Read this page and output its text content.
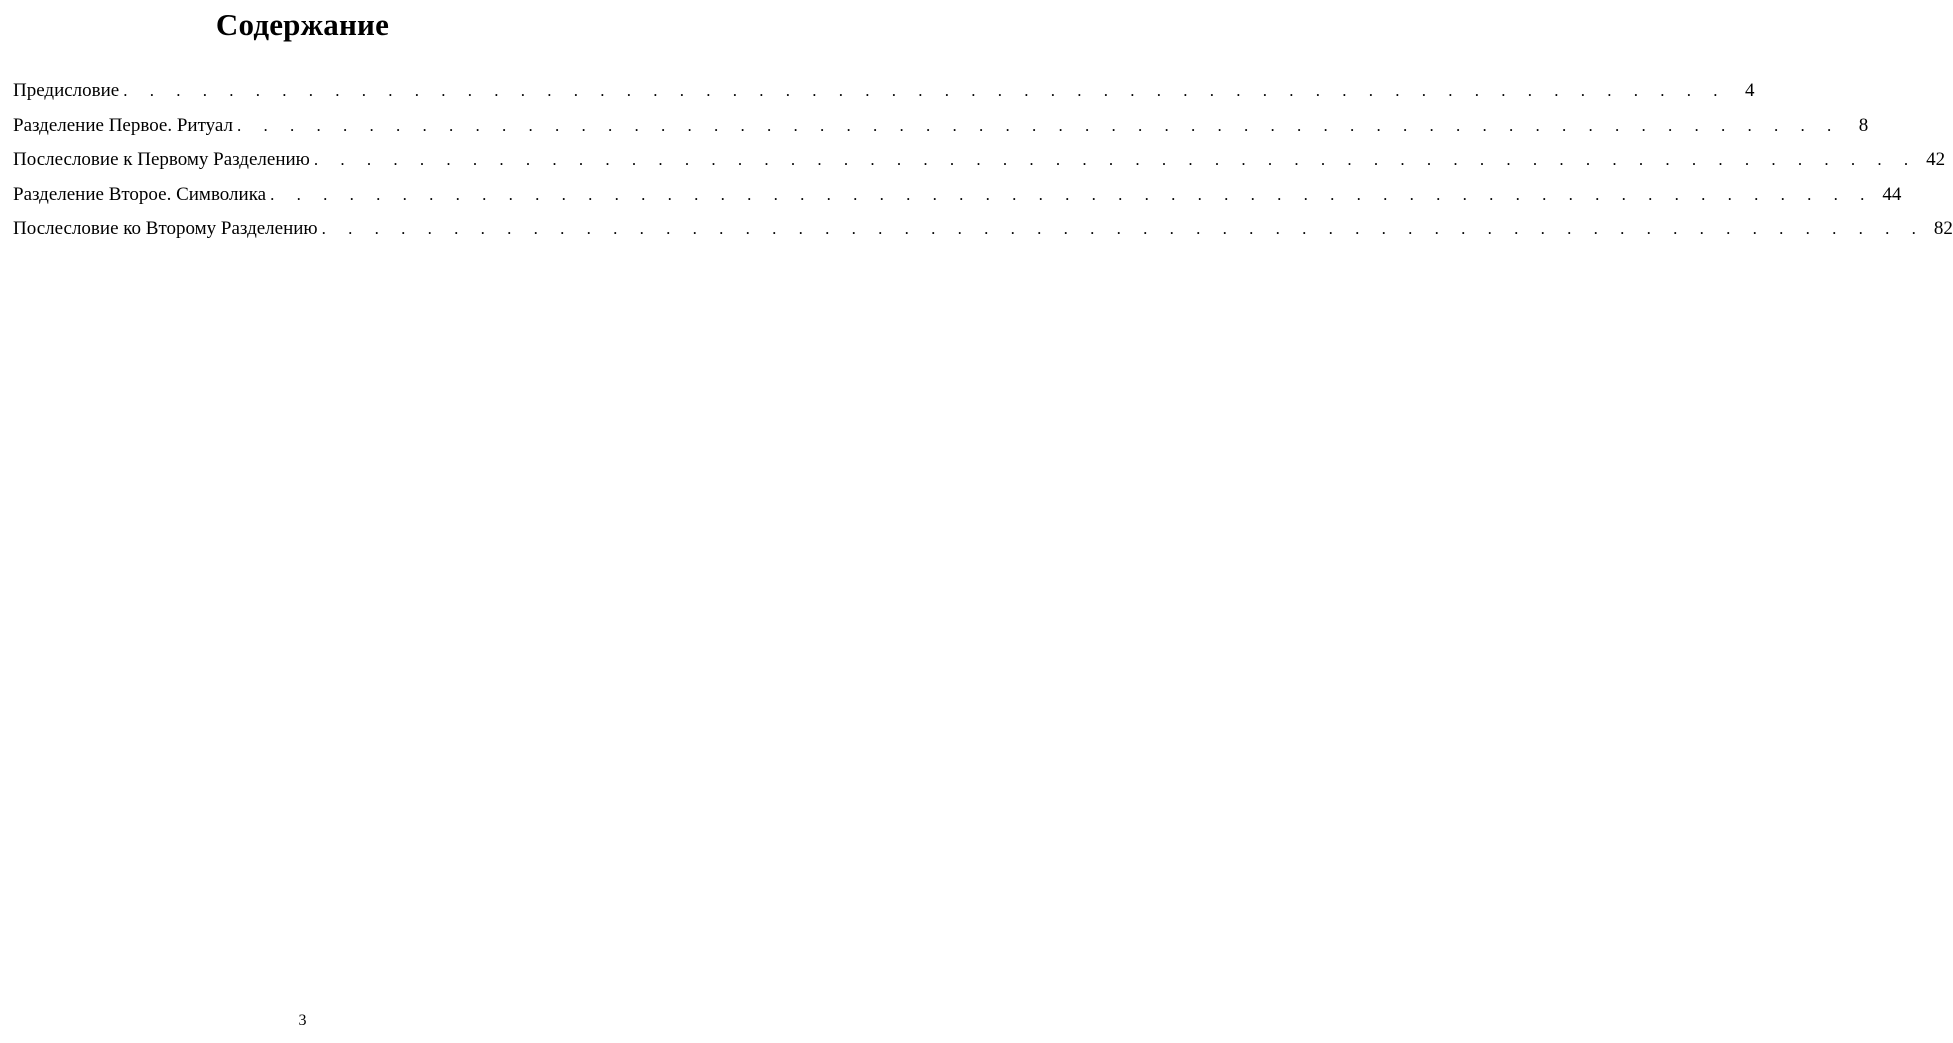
Содержание
Предисловие . . . . . . . . . . . . . . . . . . . . . . . . . . . . . . . . . . . . . . . . . . . . . . . . . . . . . . . . . . . . . 4
Разделение Первое. Ритуал . . . . . . . . . . . . . . . . . . . . . . . . . . . . . . . . . . . . . . . . . . . . . . . . . . . . . . . . . . . . . 8
Послесловие к Первому Разделению . . . . . . . . . . . . . . . . . . . . . . . . . . . . . . . . . . . . . . . . . . . . . . . . . . . . . . . . . . . . . 42
Разделение Второе. Символика . . . . . . . . . . . . . . . . . . . . . . . . . . . . . . . . . . . . . . . . . . . . . . . . . . . . . . . . . . . . . 44
Послесловие ко Второму Разделению . . . . . . . . . . . . . . . . . . . . . . . . . . . . . . . . . . . . . . . . . . . . . . . . . . . . . . . . . . . . . 82
3
